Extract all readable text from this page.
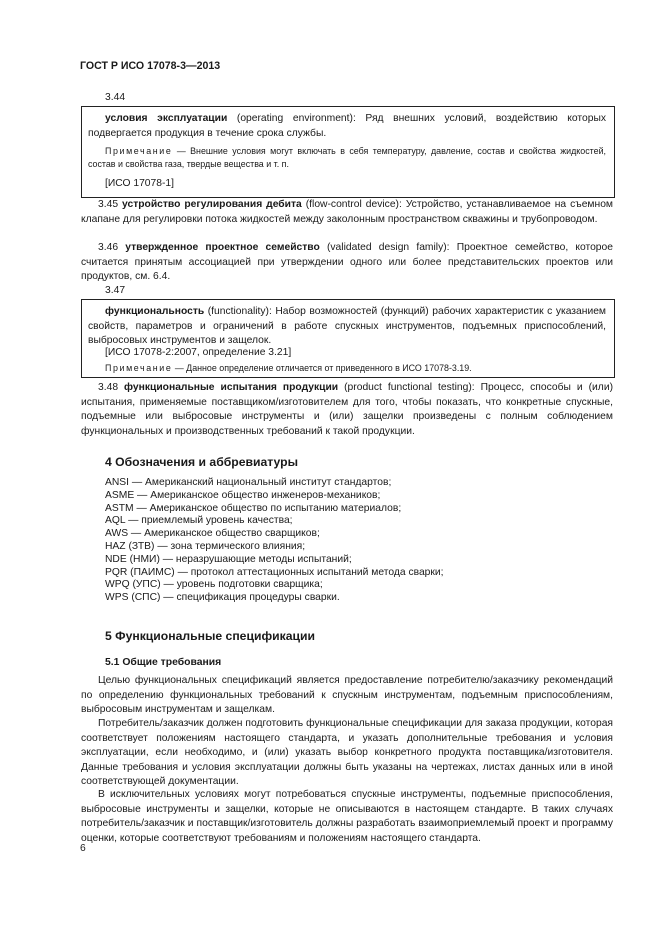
ГОСТ Р ИСО 17078-3—2013
3.44
условия эксплуатации (operating environment): Ряд внешних условий, воздействию которых подвергается продукция в течение срока службы.
Примечание — Внешние условия могут включать в себя температуру, давление, состав и свойства жидкостей, состав и свойства газа, твердые вещества и т. п.
[ИСО 17078-1]
3.45 устройство регулирования дебита (flow-control device): Устройство, устанавливаемое на съемном клапане для регулировки потока жидкостей между заколонным пространством скважины и трубопроводом.
3.46 утвержденное проектное семейство (validated design family): Проектное семейство, которое считается принятым ассоциацией при утверждении одного или более представительских проектов или продуктов, см. 6.4.
3.47
функциональность (functionality): Набор возможностей (функций) рабочих характеристик с указанием свойств, параметров и ограничений в работе спускных инструментов, подъемных приспособлений, выбросовых инструментов и защелок.
[ИСО 17078-2:2007, определение 3.21]
Примечание — Данное определение отличается от приведенного в ИСО 17078-3.19.
3.48 функциональные испытания продукции (product functional testing): Процесс, способы и (или) испытания, применяемые поставщиком/изготовителем для того, чтобы показать, что конкретные спускные, подъемные или выбросовые инструменты и (или) защелки произведены с полным соблюдением функциональных и производственных требований к такой продукции.
4 Обозначения и аббревиатуры
ANSI — Американский национальный институт стандартов;
ASME — Американское общество инженеров-механиков;
ASTM — Американское общество по испытанию материалов;
AQL — приемлемый уровень качества;
AWS — Американское общество сварщиков;
HAZ (ЗТВ) — зона термического влияния;
NDE (НМИ) — неразрушающие методы испытаний;
PQR (ПАИМС) — протокол аттестационных испытаний метода сварки;
WPQ (УПС) — уровень подготовки сварщика;
WPS (СПС) — спецификация процедуры сварки.
5 Функциональные спецификации
5.1 Общие требования
Целью функциональных спецификаций является предоставление потребителю/заказчику рекомендаций по определению функциональных требований к спускным инструментам, подъемным приспособлениям, выбросовым инструментам и защелкам.
Потребитель/заказчик должен подготовить функциональные спецификации для заказа продукции, которая соответствует положениям настоящего стандарта, и указать дополнительные требования и условия эксплуатации, если необходимо, и (или) указать выбор конкретного продукта поставщика/изготовителя. Данные требования и условия эксплуатации должны быть указаны на чертежах, листах данных или в иной соответствующей документации.
В исключительных условиях могут потребоваться спускные инструменты, подъемные приспособления, выбросовые инструменты и защелки, которые не описываются в настоящем стандарте. В таких случаях потребитель/заказчик и поставщик/изготовитель должны разработать взаимоприемлемый проект и программу оценки, которые соответствуют требованиям и положениям настоящего стандарта.
6
